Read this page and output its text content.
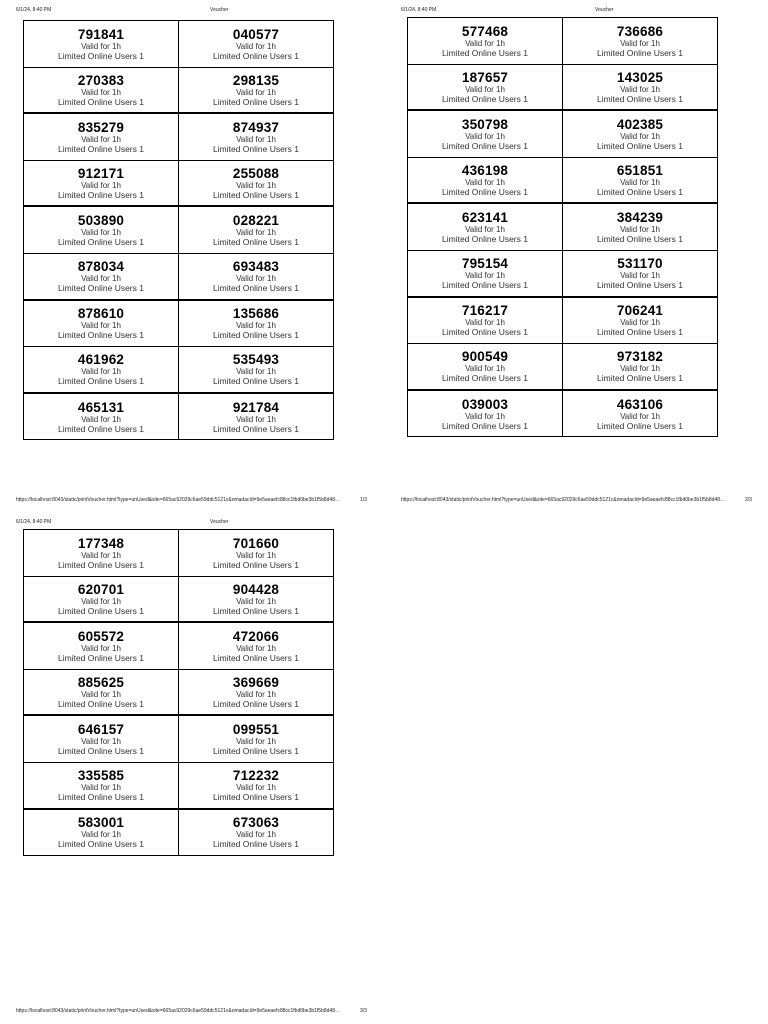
6/1/24, 8:40 PM	Voucher
791841
Valid for 1h
Limited Online Users 1
040577
Valid for 1h
Limited Online Users 1
270383
Valid for 1h
Limited Online Users 1
298135
Valid for 1h
Limited Online Users 1
835279
Valid for 1h
Limited Online Users 1
874937
Valid for 1h
Limited Online Users 1
912171
Valid for 1h
Limited Online Users 1
255088
Valid for 1h
Limited Online Users 1
503890
Valid for 1h
Limited Online Users 1
028221
Valid for 1h
Limited Online Users 1
878034
Valid for 1h
Limited Online Users 1
693483
Valid for 1h
Limited Online Users 1
878610
Valid for 1h
Limited Online Users 1
135686
Valid for 1h
Limited Online Users 1
461962
Valid for 1h
Limited Online Users 1
535493
Valid for 1h
Limited Online Users 1
465131
Valid for 1h
Limited Online Users 1
921784
Valid for 1h
Limited Online Users 1
https://localhost:8043/static/printVoucher.html?type=unUsed&site=665ac92029c6ae59ddc5121c&omadacId=9e5aeaefc88cc1fbd0be3b1f5b8d48…	1/3
6/1/24, 8:40 PM	Voucher
577468
Valid for 1h
Limited Online Users 1
736686
Valid for 1h
Limited Online Users 1
187657
Valid for 1h
Limited Online Users 1
143025
Valid for 1h
Limited Online Users 1
350798
Valid for 1h
Limited Online Users 1
402385
Valid for 1h
Limited Online Users 1
436198
Valid for 1h
Limited Online Users 1
651851
Valid for 1h
Limited Online Users 1
623141
Valid for 1h
Limited Online Users 1
384239
Valid for 1h
Limited Online Users 1
795154
Valid for 1h
Limited Online Users 1
531170
Valid for 1h
Limited Online Users 1
716217
Valid for 1h
Limited Online Users 1
706241
Valid for 1h
Limited Online Users 1
900549
Valid for 1h
Limited Online Users 1
973182
Valid for 1h
Limited Online Users 1
039003
Valid for 1h
Limited Online Users 1
463106
Valid for 1h
Limited Online Users 1
https://localhost:8043/static/printVoucher.html?type=unUsed&site=665ac92029c6ae59ddc5121c&omadacId=9e5aeaefc88cc1fbd0be3b1f5b8d48…	2/3
6/1/24, 8:40 PM	Voucher
177348
Valid for 1h
Limited Online Users 1
701660
Valid for 1h
Limited Online Users 1
620701
Valid for 1h
Limited Online Users 1
904428
Valid for 1h
Limited Online Users 1
605572
Valid for 1h
Limited Online Users 1
472066
Valid for 1h
Limited Online Users 1
885625
Valid for 1h
Limited Online Users 1
369669
Valid for 1h
Limited Online Users 1
646157
Valid for 1h
Limited Online Users 1
099551
Valid for 1h
Limited Online Users 1
335585
Valid for 1h
Limited Online Users 1
712232
Valid for 1h
Limited Online Users 1
583001
Valid for 1h
Limited Online Users 1
673063
Valid for 1h
Limited Online Users 1
https://localhost:8043/static/printVoucher.html?type=unUsed&site=665ac92029c6ae59ddc5121c&omadacId=9e5aeaefc88cc1fbd0be3b1f5b8d48…	3/3
